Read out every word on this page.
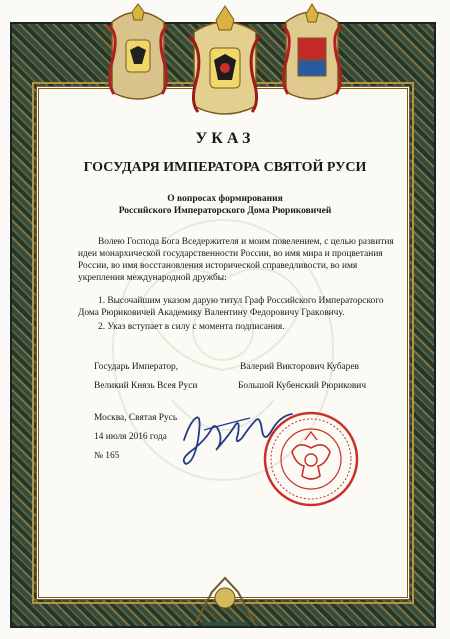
УКАЗ
ГОСУДАРЯ ИМПЕРАТОРА СВЯТОЙ РУСИ
О вопросах формирования
Российского Императорского Дома Рюриковичей
Волею Господа Бога Вседержителя и моим повелением, с целью развития
идеи монархической государственности России, во имя мира и процветания
России, во имя восстановления исторической справедливости, во имя
укрепления международной дружбы:
1. Высочайшим указом дарую титул Граф Российского Императорского
Дома Рюриковичей Академику Валентину Федоровичу Гракoвичу.
2. Указ вступает в силу с момента подписания.
Государь Император,
Великий Князь Всея Руси
Валерий Викторович Кубарев
Большой Кубенский Рюрикович
Москва, Святая Русь
14 июля 2016 года
№ 165
